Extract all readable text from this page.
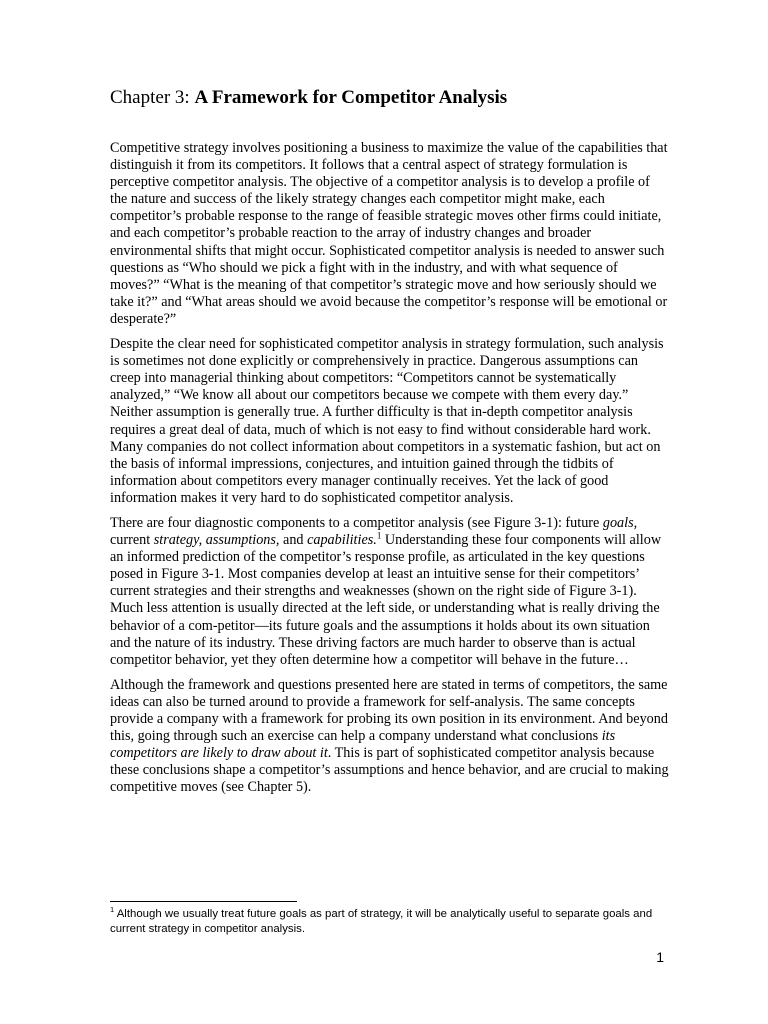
Chapter 3: A Framework for Competitor Analysis

Competitive strategy involves positioning a business to maximize the value of the capabilities that distinguish it from its competitors. It follows that a central aspect of strategy formulation is perceptive competitor analysis. The objective of a competitor analysis is to develop a profile of the nature and success of the likely strategy changes each competitor might make, each competitor’s probable response to the range of feasible strategic moves other firms could initiate, and each competitor’s probable reaction to the array of industry changes and broader environmental shifts that might occur. Sophisticated competitor analysis is needed to answer such questions as “Who should we pick a fight with in the industry, and with what sequence of moves?” “What is the meaning of that competitor’s strategic move and how seriously should we take it?” and “What areas should we avoid because the competitor’s response will be emotional or desperate?”

Despite the clear need for sophisticated competitor analysis in strategy formulation, such analysis is sometimes not done explicitly or comprehensively in practice. Dangerous assumptions can creep into managerial thinking about competitors: “Competitors cannot be systematically analyzed,” “We know all about our competitors because we compete with them every day.” Neither assumption is generally true. A further difficulty is that in-depth competitor analysis requires a great deal of data, much of which is not easy to find without considerable hard work. Many companies do not collect information about competitors in a systematic fashion, but act on the basis of informal impressions, conjectures, and intuition gained through the tidbits of information about competitors every manager continually receives. Yet the lack of good information makes it very hard to do sophisticated competitor analysis.

There are four diagnostic components to a competitor analysis (see Figure 3-1): future goals, current strategy, assumptions, and capabilities.$^1$ Understanding these four components will allow an informed prediction of the competitor’s response profile, as articulated in the key questions posed in Figure 3-1. Most companies develop at least an intuitive sense for their competitors’ current strategies and their strengths and weaknesses (shown on the right side of Figure 3-1). Much less attention is usually directed at the left side, or understanding what is really driving the behavior of a com-petitor—its future goals and the assumptions it holds about its own situation and the nature of its industry. These driving factors are much harder to observe than is actual competitor behavior, yet they often determine how a competitor will behave in the future…

Although the framework and questions presented here are stated in terms of competitors, the same ideas can also be turned around to provide a framework for self-analysis. The same concepts provide a company with a framework for probing its own position in its environment. And beyond this, going through such an exercise can help a company understand what conclusions its competitors are likely to draw about it. This is part of sophisticated competitor analysis because these conclusions shape a competitor’s assumptions and hence behavior, and are crucial to making competitive moves (see Chapter 5).

$^1$ Although we usually treat future goals as part of strategy, it will be analytically useful to separate goals and current strategy in competitor analysis.
1
